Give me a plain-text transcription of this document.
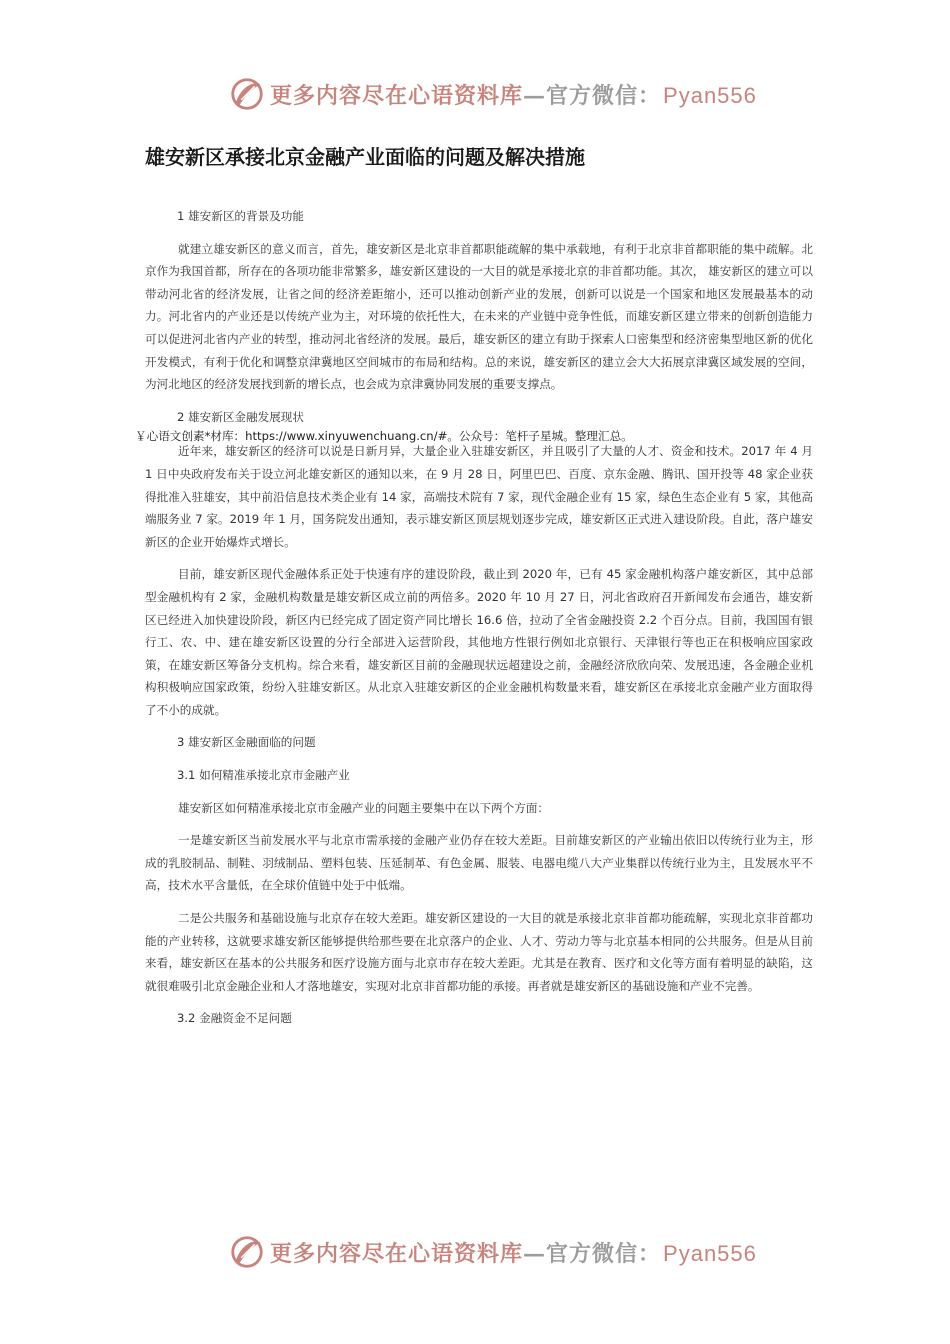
更多内容尽在心语资料库—官方微信：Pyan556
雄安新区承接北京金融产业面临的问题及解决措施

1 雄安新区的背景及功能

就建立雄安新区的意义而言，首先，雄安新区是北京非首都职能疏解的集中承载地，有利于北京非首都职能的集中疏解。北京作为我国首都，所存在的各项功能非常繁多，雄安新区建设的一大目的就是承接北京的非首都功能。其次， 雄安新区的建立可以带动河北省的经济发展，让省之间的经济差距缩小，还可以推动创新产业的发展，创新可以说是一个国家和地区发展最基本的动力。河北省内的产业还是以传统产业为主，对环境的依托性大，在未来的产业链中竞争性低，而雄安新区建立带来的创新创造能力可以促进河北省内产业的转型，推动河北省经济的发展。最后，雄安新区的建立有助于探索人口密集型和经济密集型地区新的优化开发模式，有利于优化和调整京津冀地区空间城市的布局和结构。总的来说，雄安新区的建立会大大拓展京津冀区域发展的空间，为河北地区的经济发展找到新的增长点，也会成为京津冀协同发展的重要支撑点。

2 雄安新区金融发展现状

￥心语文创素*材库：https://www.xinyuwenchuang.cn/#。公众号：笔杆子星城。整理汇总。

近年来，雄安新区的经济可以说是日新月异，大量企业入驻雄安新区，并且吸引了大量的人才、资金和技术。2017 年 4 月 1 日中央政府发布关于设立河北雄安新区的通知以来，在 9 月 28 日，阿里巴巴、百度、京东金融、腾讯、国开投等 48 家企业获得批准入驻雄安，其中前沿信息技术类企业有 14 家，高端技术院有 7 家，现代金融企业有 15 家，绿色生态企业有 5 家，其他高端服务业 7 家。2019 年 1 月，国务院发出通知，表示雄安新区顶层规划逐步完成，雄安新区正式进入建设阶段。自此，落户雄安新区的企业开始爆炸式增长。

目前，雄安新区现代金融体系正处于快速有序的建设阶段，截止到 2020 年，已有 45 家金融机构落户雄安新区，其中总部型金融机构有 2 家，金融机构数量是雄安新区成立前的两倍多。2020 年 10 月 27 日，河北省政府召开新闻发布会通告，雄安新区已经进入加快建设阶段，新区内已经完成了固定资产同比增长 16.6 倍，拉动了全省金融投资 2.2 个百分点。目前，我国国有银行工、农、中、建在雄安新区设置的分行全部进入运营阶段，其他地方性银行例如北京银行、天津银行等也正在积极响应国家政策，在雄安新区筹备分支机构。综合来看，雄安新区目前的金融现状远超建设之前，金融经济欣欣向荣、发展迅速，各金融企业机构积极响应国家政策，纷纷入驻雄安新区。从北京入驻雄安新区的企业金融机构数量来看，雄安新区在承接北京金融产业方面取得了不小的成就。

3 雄安新区金融面临的问题

3.1 如何精准承接北京市金融产业

雄安新区如何精准承接北京市金融产业的问题主要集中在以下两个方面：

一是雄安新区当前发展水平与北京市需承接的金融产业仍存在较大差距。目前雄安新区的产业输出依旧以传统行业为主，形成的乳胶制品、制鞋、羽绒制品、塑料包装、压延制革、有色金属、服装、电器电缆八大产业集群以传统行业为主，且发展水平不高，技术水平含量低，在全球价值链中处于中低端。

二是公共服务和基础设施与北京存在较大差距。雄安新区建设的一大目的就是承接北京非首都功能疏解，实现北京非首都功能的产业转移，这就要求雄安新区能够提供给那些要在北京落户的企业、人才、劳动力等与北京基本相同的公共服务。但是从目前来看，雄安新区在基本的公共服务和医疗设施方面与北京市存在较大差距。尤其是在教育、医疗和文化等方面有着明显的缺陷，这就很难吸引北京金融企业和人才落地雄安，实现对北京非首都功能的承接。再者就是雄安新区的基础设施和产业不完善。

3.2 金融资金不足问题

更多内容尽在心语资料库—官方微信：Pyan556
